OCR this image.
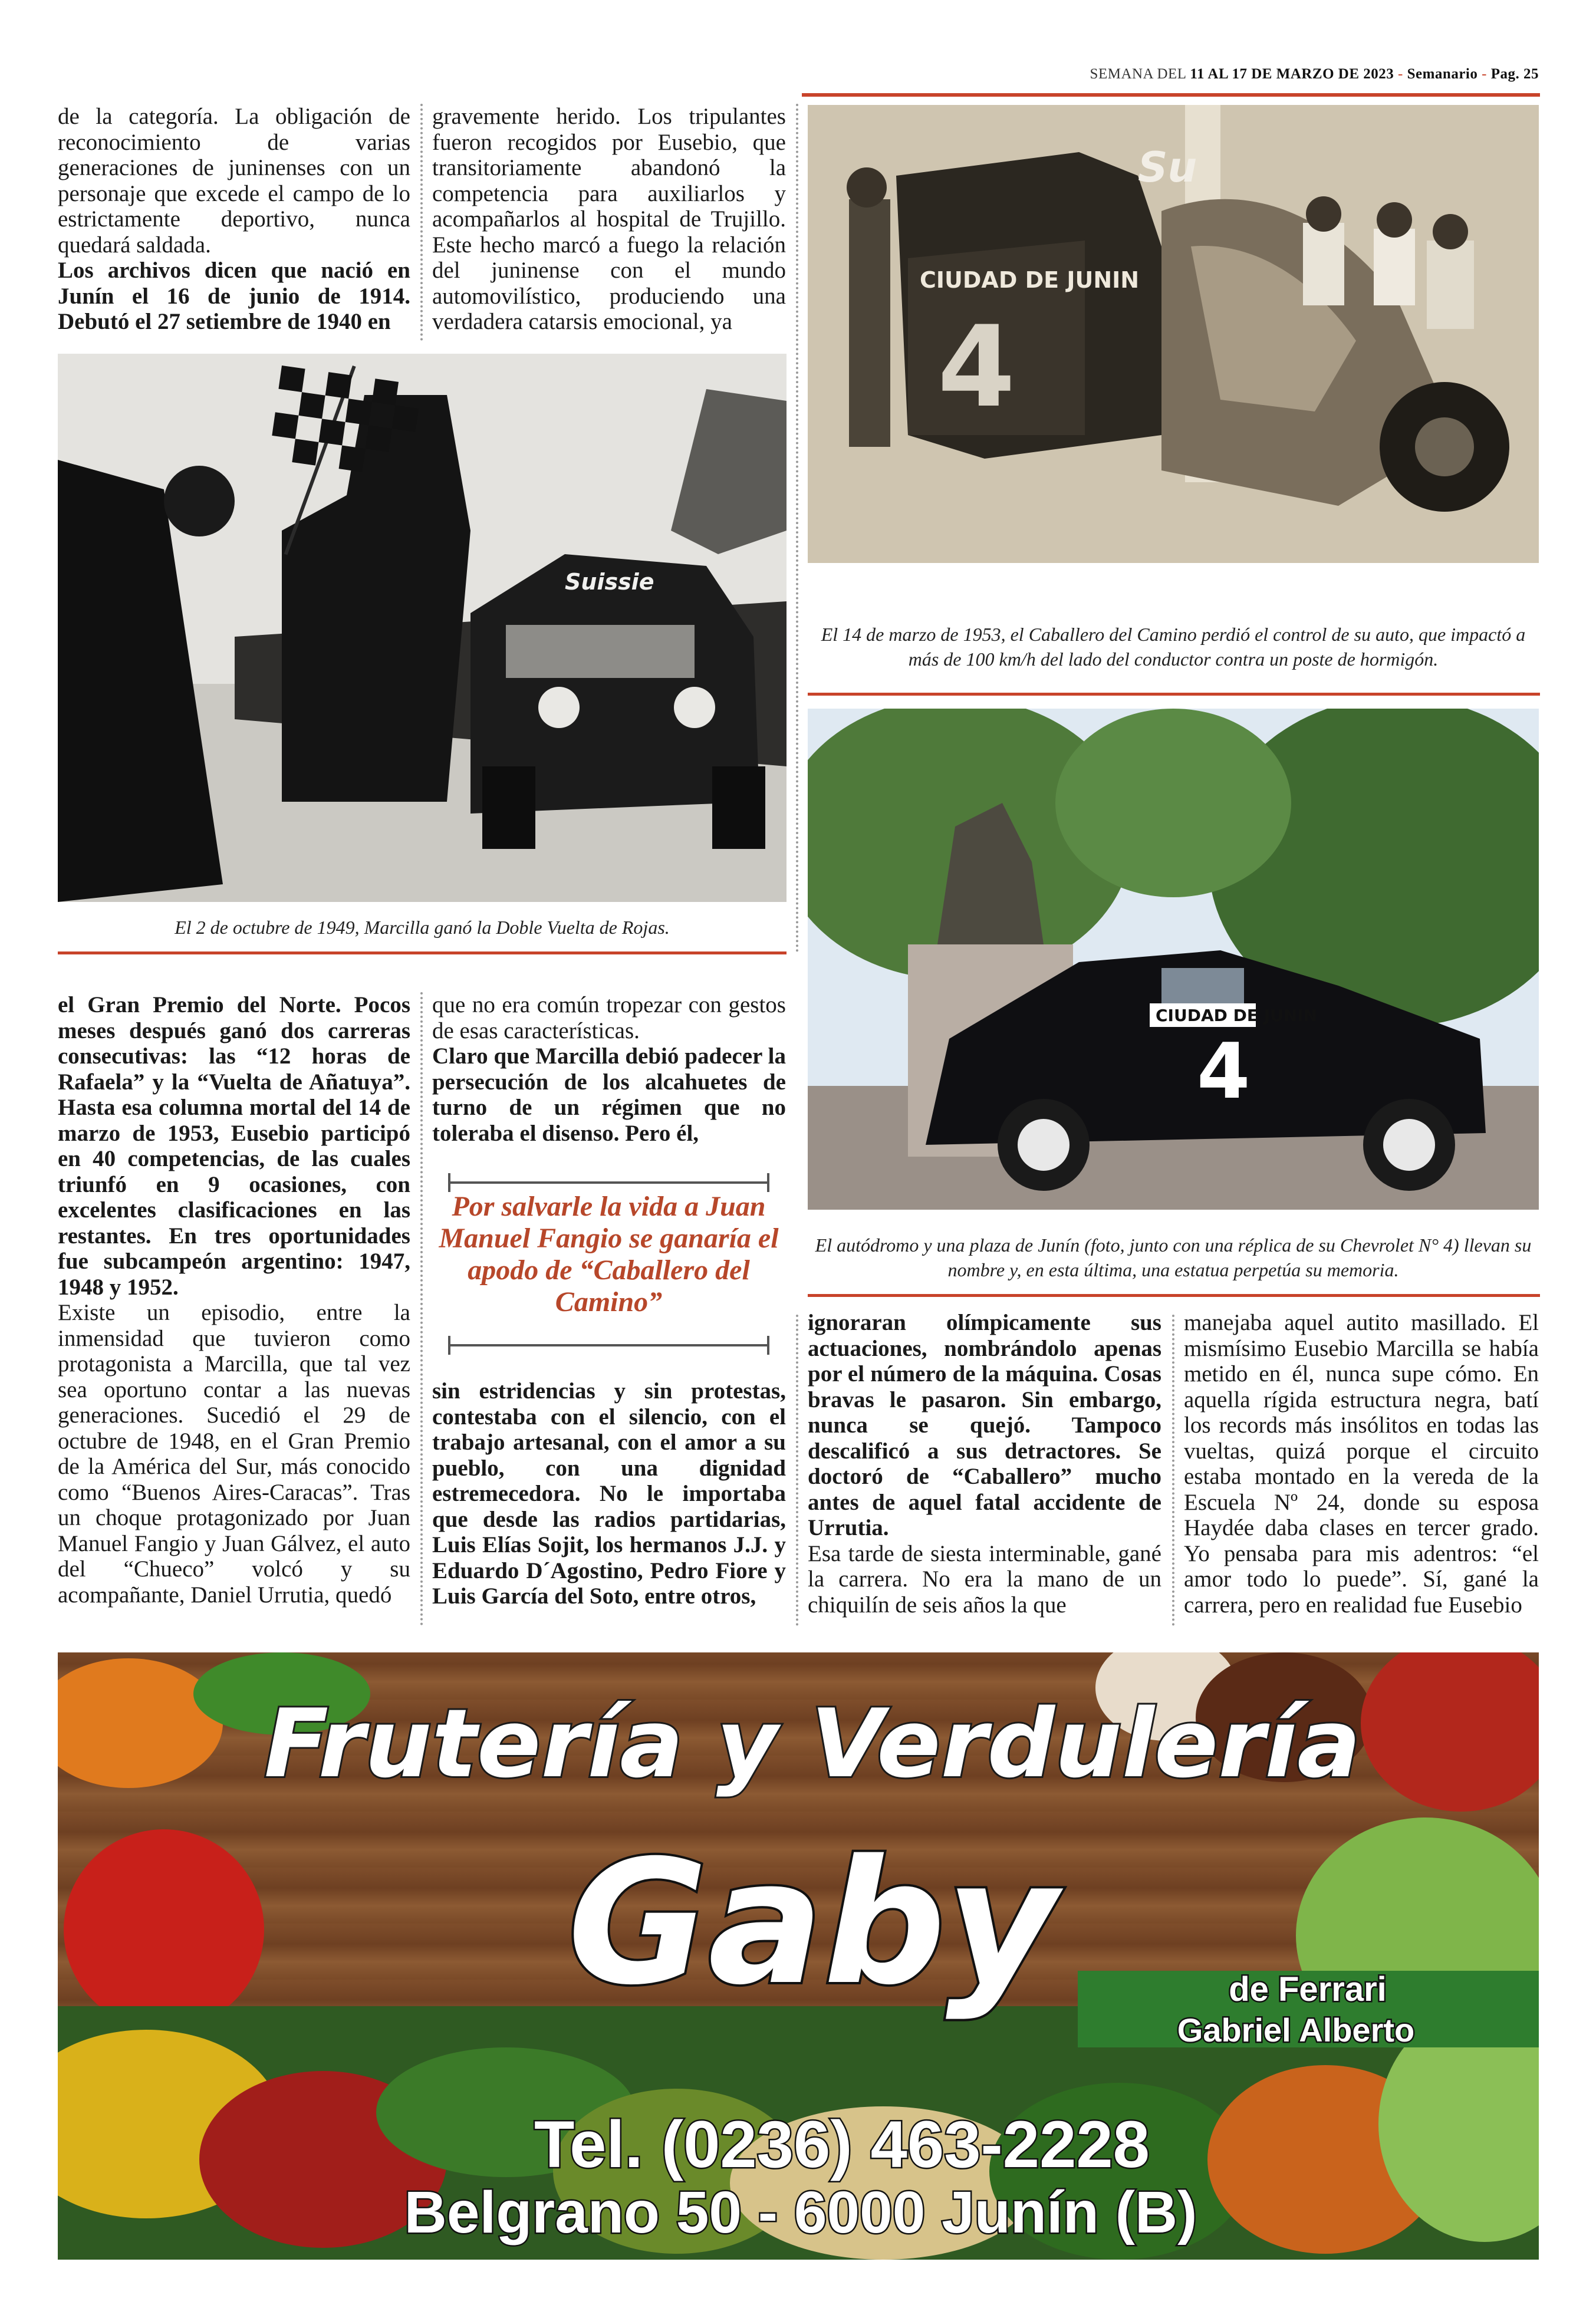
SEMANA DEL 11 AL 17 DE MARZO DE 2023 - Semanario - Pag. 25

de la categoría. La obligación de reconocimiento de varias generaciones de juninenses con un personaje que excede el campo de lo estrictamente deportivo, nunca quedará saldada.

Los archivos dicen que nació en Junín el 16 de junio de 1914. Debutó el 27 setiembre de 1940 en

gravemente herido. Los tripulantes fueron recogidos por Eusebio, que transitoriamente abandonó la competencia para auxiliarlos y acompañarlos al hospital de Trujillo. Este hecho marcó a fuego la relación del juninense con el mundo automovilístico, produciendo una verdadera catarsis emocional, ya

Su
CIUDAD DE JUNIN
4
El 14 de marzo de 1953, el Caballero del Camino perdió el control de su auto, que impactó a más de 100 km/h del lado del conductor contra un poste de hormigón.
Suissie
El 2 de octubre de 1949, Marcilla ganó la Doble Vuelta de Rojas.
CIUDAD DE JUNIN
4
El autódromo y una plaza de Junín (foto, junto con una réplica de su Chevrolet N° 4) llevan su nombre y, en esta última, una estatua perpetúa su memoria.

el Gran Premio del Norte. Pocos meses después ganó dos carreras consecutivas: las “12 horas de Rafaela” y la “Vuelta de Añatuya”. Hasta esa columna mortal del 14 de marzo de 1953, Eusebio participó en 40 competencias, de las cuales triunfó en 9 ocasiones, con excelentes clasificaciones en las restantes. En tres oportunidades fue subcampeón argentino: 1947, 1948 y 1952.

Existe un episodio, entre la inmensidad que tuvieron como protagonista a Marcilla, que tal vez sea oportuno contar a las nuevas generaciones. Sucedió el 29 de octubre de 1948, en el Gran Premio de la América del Sur, más conocido como “Buenos Aires-Caracas”. Tras un choque protagonizado por Juan Manuel Fangio y Juan Gálvez, el auto del “Chueco” volcó y su acompañante, Daniel Urrutia, quedó

que no era común tropezar con gestos de esas características.

Claro que Marcilla debió padecer la persecución de los alcahuetes de turno de un régimen que no toleraba el disenso. Pero él,

Por salvarle la vida a Juan Manuel Fangio se ganaría el apodo de “Caballero del Camino”
sin estridencias y sin protestas, contestaba con el silencio, con el trabajo artesanal, con el amor a su pueblo, con una dignidad estremecedora. No le importaba que desde las radios partidarias, Luis Elías Sojit, los hermanos J.J. y Eduardo D´Agostino, Pedro Fiore y Luis García del Soto, entre otros,

ignoraran olímpicamente sus actuaciones, nombrándolo apenas por el número de la máquina. Cosas bravas le pasaron. Sin embargo, nunca se quejó. Tampoco descalificó a sus detractores. Se doctoró de “Caballero” mucho antes de aquel fatal accidente de Urrutia.

Esa tarde de siesta interminable, gané la carrera. No era la mano de un chiquilín de seis años la que

manejaba aquel autito masillado. El mismísimo Eusebio Marcilla se había metido en él, nunca supe cómo. En aquella rígida estructura negra, batí los records más insólitos en todas las vueltas, quizá porque el circuito estaba montado en la vereda de la Escuela Nº 24, donde su esposa Haydée daba clases en tercer grado. Yo pensaba para mis adentros: “el amor todo lo puede”. Sí, gané la carrera, pero en realidad fue Eusebio

Frutería y Verdulería
Gaby	de Ferrari
Gabriel Alberto
Tel. (0236) 463-2228
Belgrano 50 - 6000 Junín (B)
